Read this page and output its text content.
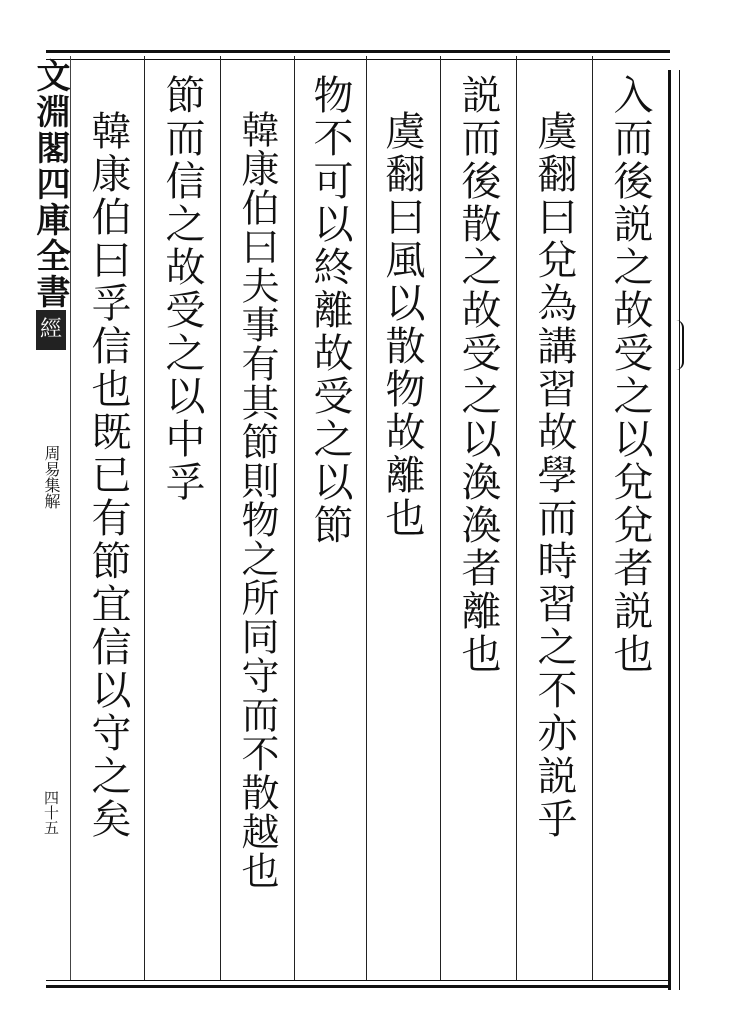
文淵閣四庫全書
經
周易集解
四十五
入而後説之故受之以兌兌者説也
虞翻曰兌為講習故學而時習之不亦説乎
説而後散之故受之以渙渙者離也
虞翻曰風以散物故離也
物不可以終離故受之以節
韓康伯曰夫事有其節則物之所同守而不散越也
節而信之故受之以中孚
韓康伯曰孚信也既已有節宜信以守之矣
